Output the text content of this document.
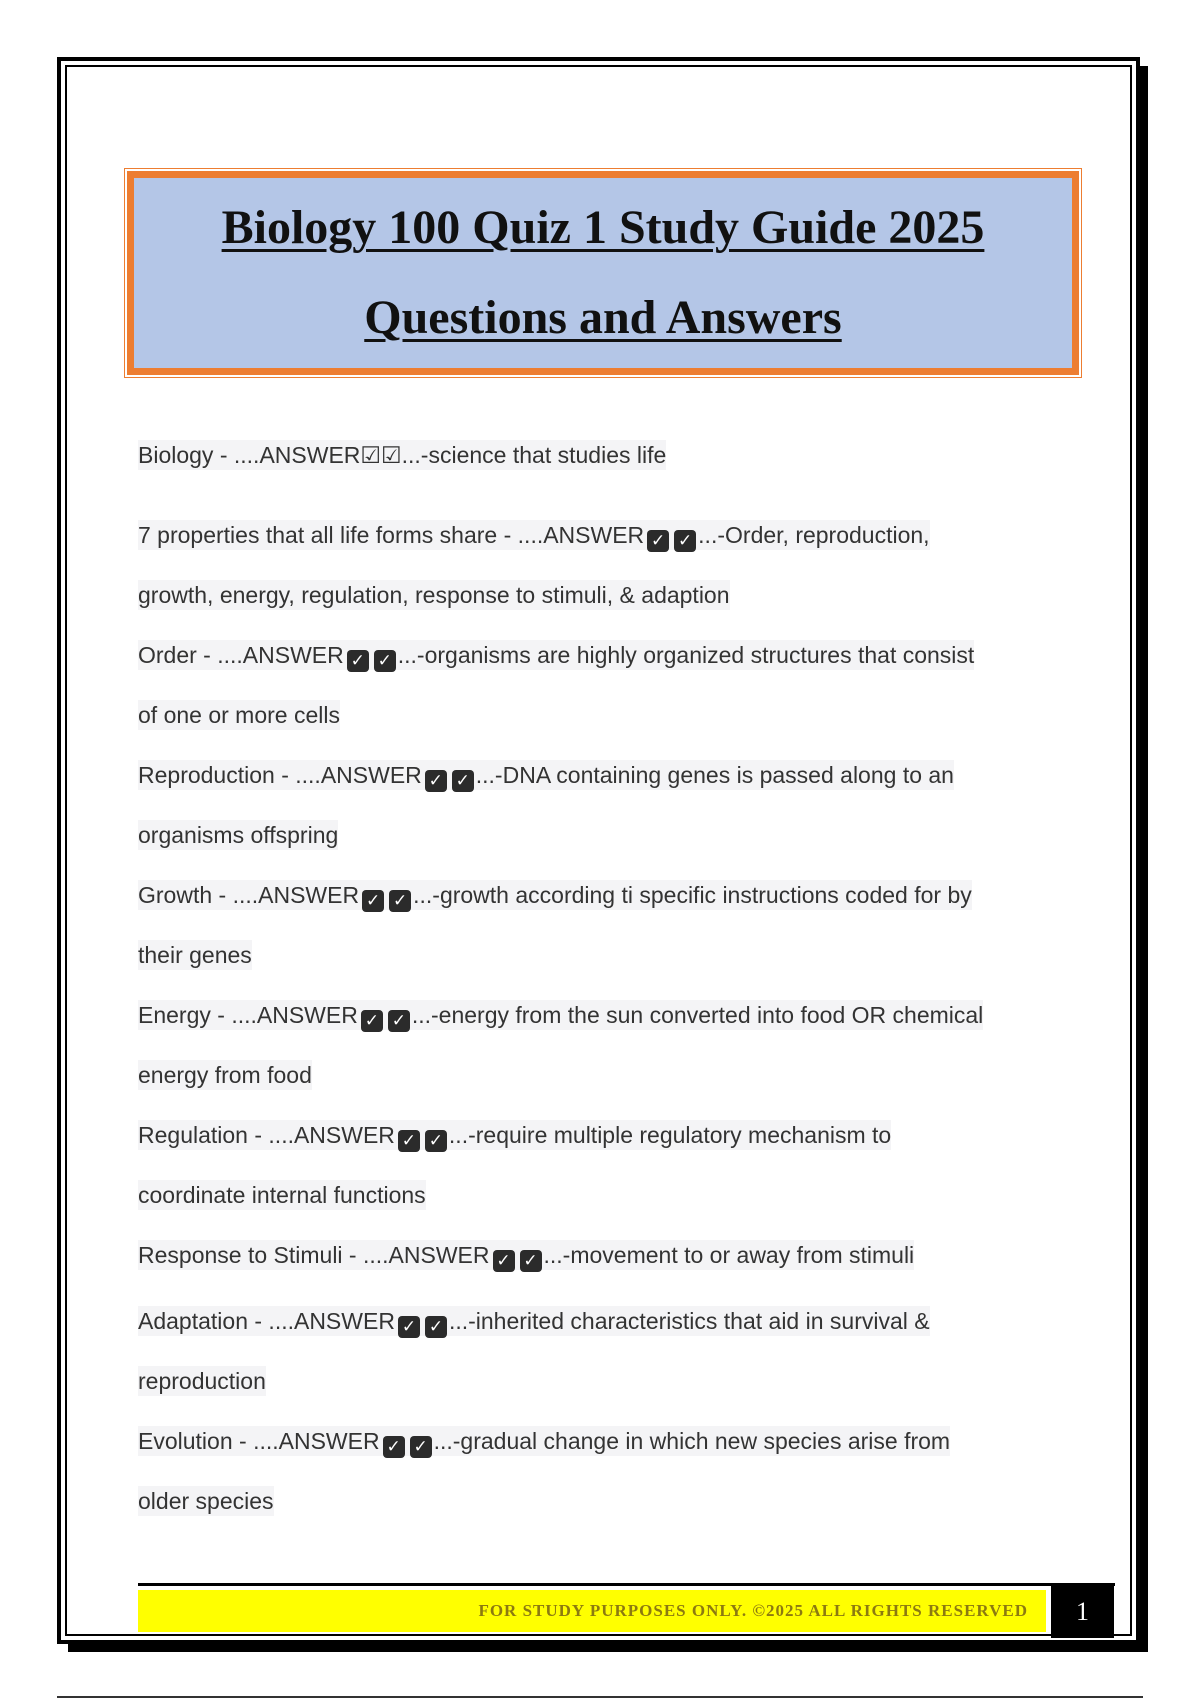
Biology 100 Quiz 1 Study Guide 2025
Questions and Answers
Biology - ....ANSWER☑☑...-science that studies life
7 properties that all life forms share - ....ANSWER ✓ ✓ ...-Order, reproduction,
growth, energy, regulation, response to stimuli, & adaption
Order - ....ANSWER ✓ ✓ ...-organisms are highly organized structures that consist
of one or more cells
Reproduction - ....ANSWER ✓ ✓ ...-DNA containing genes is passed along to an
organisms offspring
Growth - ....ANSWER ✓ ✓ ...-growth according ti specific instructions coded for by
their genes
Energy - ....ANSWER ✓ ✓ ...-energy from the sun converted into food OR chemical
energy from food
Regulation - ....ANSWER ✓ ✓ ...-require multiple regulatory mechanism to
coordinate internal functions
Response to Stimuli - ....ANSWER ✓ ✓ ...-movement to or away from stimuli
Adaptation - ....ANSWER ✓ ✓ ...-inherited characteristics that aid in survival &
reproduction
Evolution - ....ANSWER ✓ ✓ ...-gradual change in which new species arise from
older species
FOR STUDY PURPOSES ONLY. ©2025 ALL RIGHTS RESERVED	1
